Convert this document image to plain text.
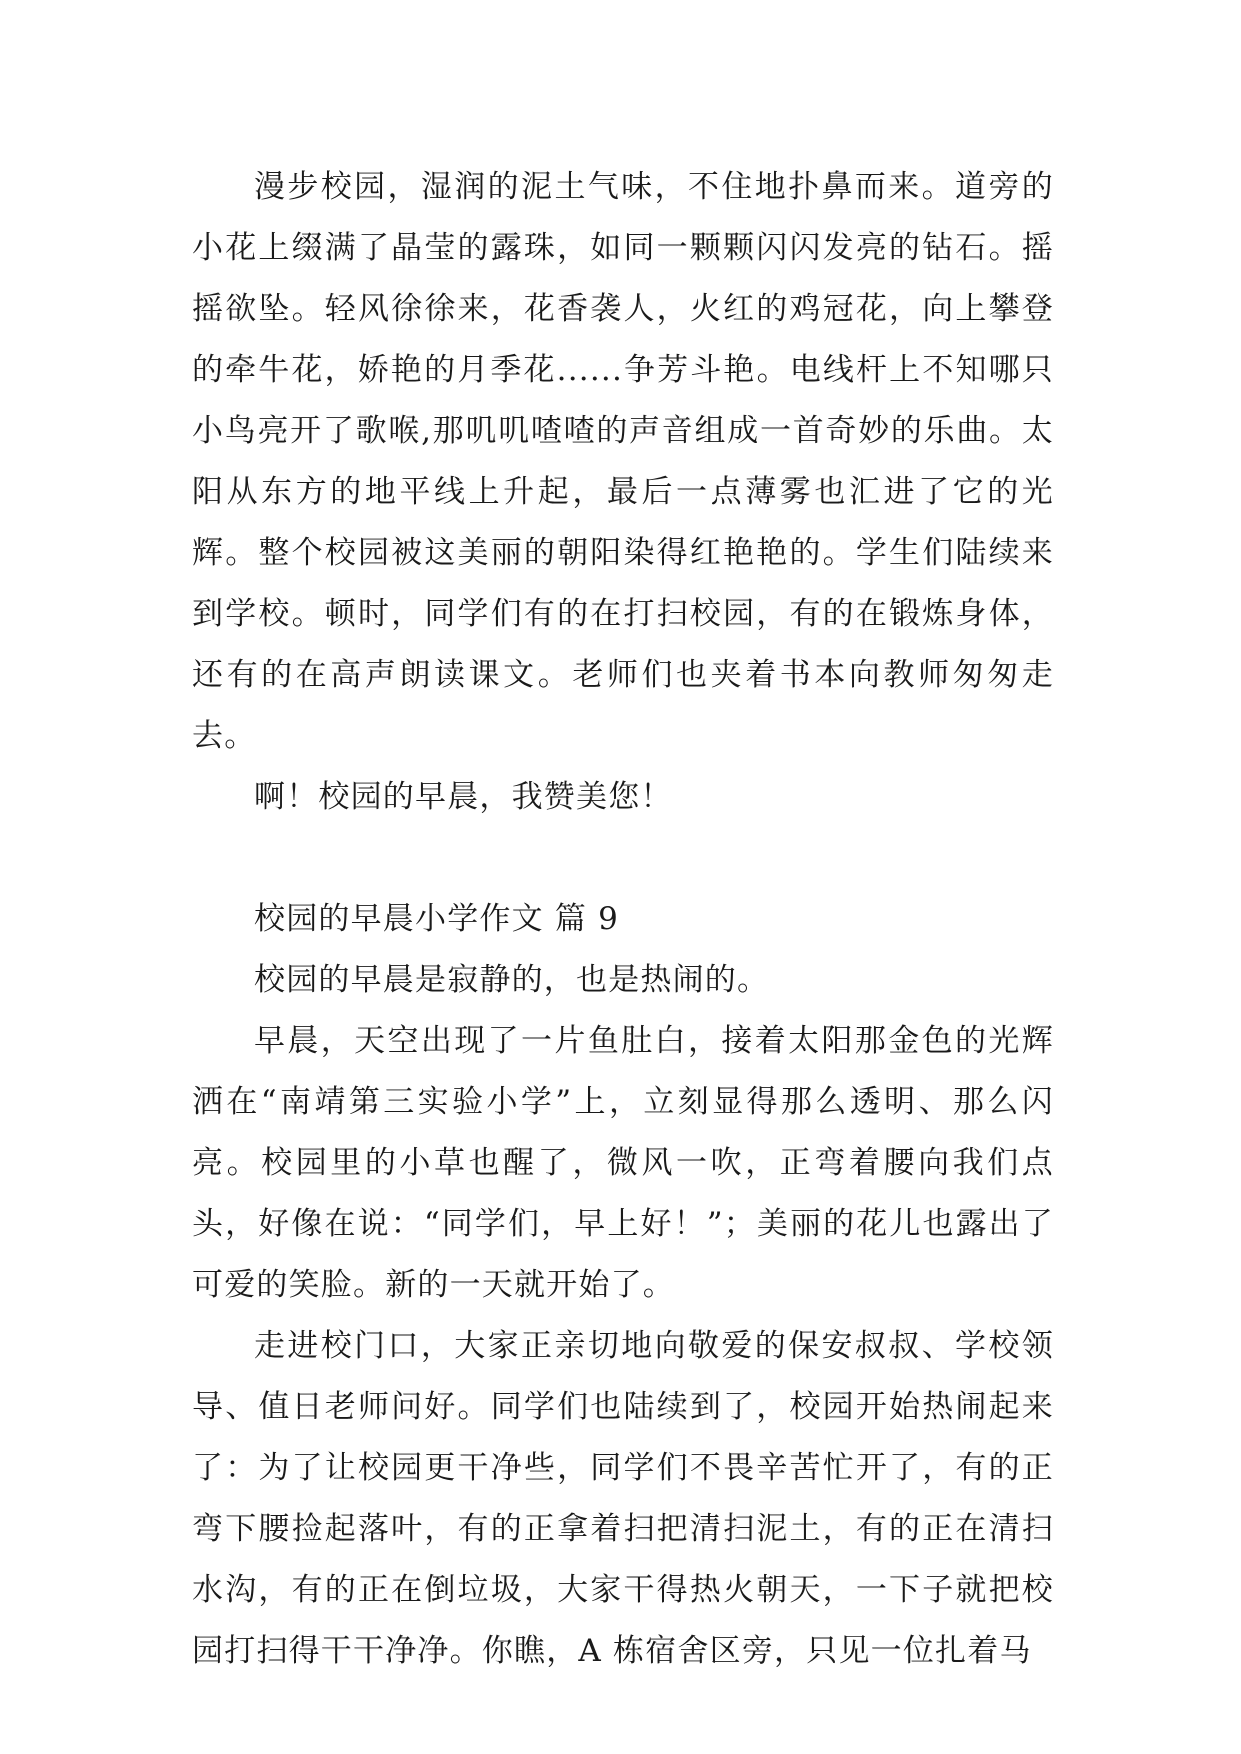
漫步校园，湿润的泥土气味，不住地扑鼻而来。道旁的小花上缀满了晶莹的露珠，如同一颗颗闪闪发亮的钻石。摇摇欲坠。轻风徐徐来，花香袭人，火红的鸡冠花，向上攀登的牵牛花，娇艳的月季花......争芳斗艳。电线杆上不知哪只小鸟亮开了歌喉,那叽叽喳喳的声音组成一首奇妙的乐曲。太阳从东方的地平线上升起，最后一点薄雾也汇进了它的光辉。整个校园被这美丽的朝阳染得红艳艳的。学生们陆续来到学校。顿时，同学们有的在打扫校园，有的在锻炼身体，还有的在高声朗读课文。老师们也夹着书本向教师匆匆走去。

啊！校园的早晨，我赞美您！

校园的早晨小学作文 篇 9

校园的早晨是寂静的，也是热闹的。

早晨，天空出现了一片鱼肚白，接着太阳那金色的光辉洒在“南靖第三实验小学”上，立刻显得那么透明、那么闪亮。校园里的小草也醒了，微风一吹，正弯着腰向我们点头，好像在说：“同学们，早上好！”；美丽的花儿也露出了可爱的笑脸。新的一天就开始了。

走进校门口，大家正亲切地向敬爱的保安叔叔、学校领导、值日老师问好。同学们也陆续到了，校园开始热闹起来了：为了让校园更干净些，同学们不畏辛苦忙开了，有的正弯下腰捡起落叶，有的正拿着扫把清扫泥土，有的正在清扫水沟，有的正在倒垃圾，大家干得热火朝天，一下子就把校园打扫得干干净净。你瞧，A 栋宿舍区旁，只见一位扎着马
